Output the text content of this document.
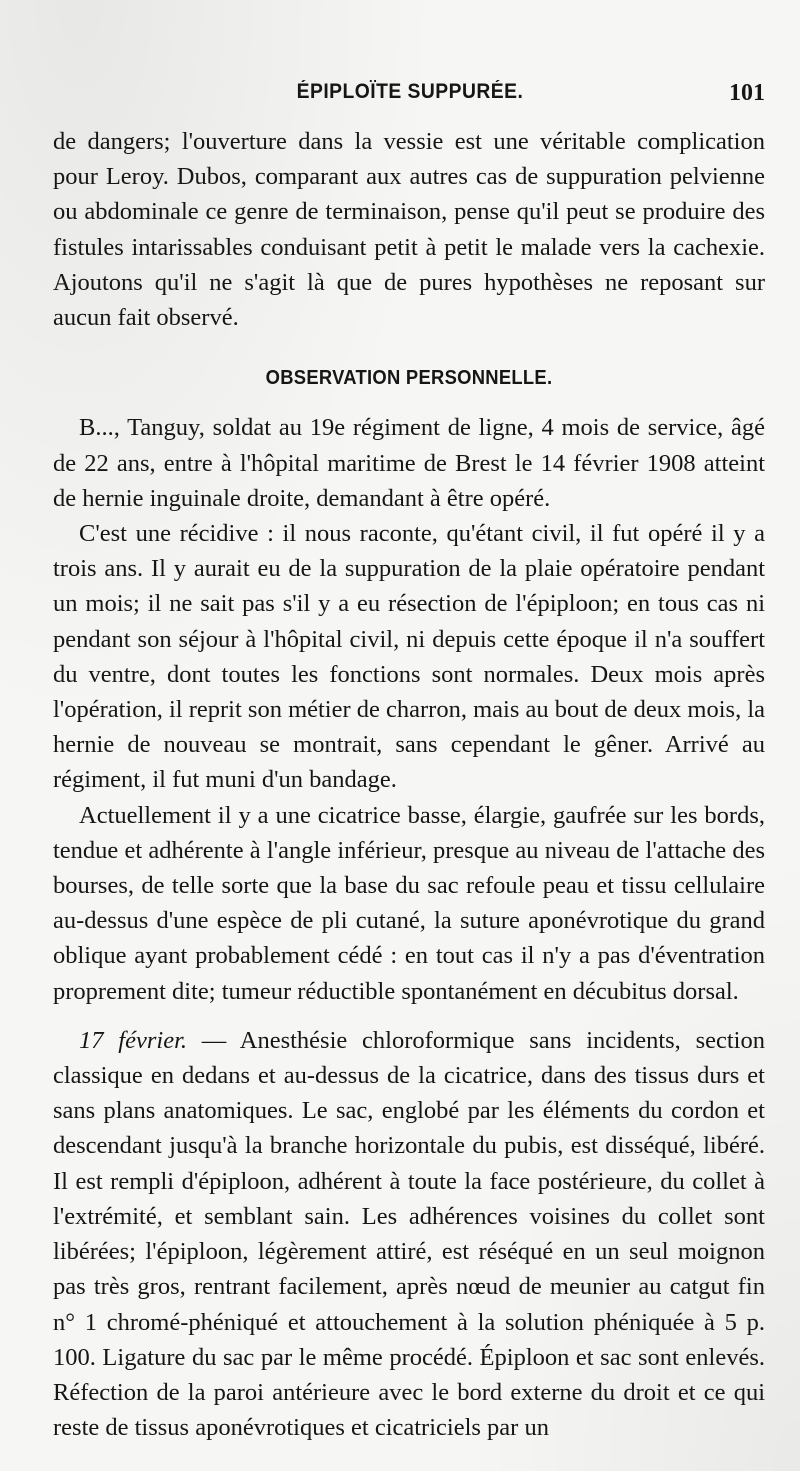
ÉPIPLOÏTE SUPPURÉE.	101

de dangers; l'ouverture dans la vessie est une véritable complication pour Leroy. Dubos, comparant aux autres cas de suppuration pelvienne ou abdominale ce genre de terminaison, pense qu'il peut se produire des fistules intarissables conduisant petit à petit le malade vers la cachexie. Ajoutons qu'il ne s'agit là que de pures hypothèses ne reposant sur aucun fait observé.

OBSERVATION PERSONNELLE.

B..., Tanguy, soldat au 19e régiment de ligne, 4 mois de service, âgé de 22 ans, entre à l'hôpital maritime de Brest le 14 février 1908 atteint de hernie inguinale droite, demandant à être opéré.

C'est une récidive : il nous raconte, qu'étant civil, il fut opéré il y a trois ans. Il y aurait eu de la suppuration de la plaie opératoire pendant un mois; il ne sait pas s'il y a eu résection de l'épiploon; en tous cas ni pendant son séjour à l'hôpital civil, ni depuis cette époque il n'a souffert du ventre, dont toutes les fonctions sont normales. Deux mois après l'opération, il reprit son métier de charron, mais au bout de deux mois, la hernie de nouveau se montrait, sans cependant le gêner. Arrivé au régiment, il fut muni d'un bandage.

Actuellement il y a une cicatrice basse, élargie, gaufrée sur les bords, tendue et adhérente à l'angle inférieur, presque au niveau de l'attache des bourses, de telle sorte que la base du sac refoule peau et tissu cellulaire au-dessus d'une espèce de pli cutané, la suture aponévrotique du grand oblique ayant probablement cédé : en tout cas il n'y a pas d'éventration proprement dite; tumeur réductible spontanément en décubitus dorsal.

17 février. — Anesthésie chloroformique sans incidents, section classique en dedans et au-dessus de la cicatrice, dans des tissus durs et sans plans anatomiques. Le sac, englobé par les éléments du cordon et descendant jusqu'à la branche horizontale du pubis, est disséqué, libéré. Il est rempli d'épiploon, adhérent à toute la face postérieure, du collet à l'extrémité, et semblant sain. Les adhérences voisines du collet sont libérées; l'épiploon, légèrement attiré, est réséqué en un seul moignon pas très gros, rentrant facilement, après nœud de meunier au catgut fin n° 1 chromé-phéniqué et attouchement à la solution phéniquée à 5 p. 100. Ligature du sac par le même procédé. Épiploon et sac sont enlevés. Réfection de la paroi antérieure avec le bord externe du droit et ce qui reste de tissus aponévrotiques et cicatriciels par un
